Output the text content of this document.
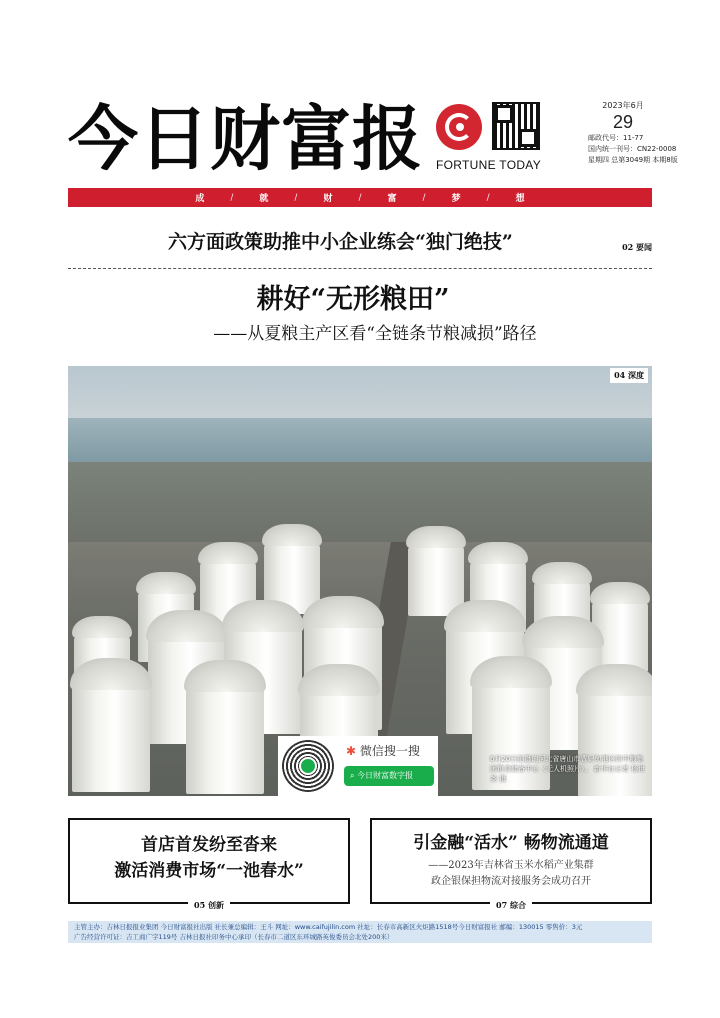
今日财富报 FORTUNE TODAY
2023年6月
29
邮政代号：11-77
国内统一刊号：CN22-0008
星期四 总第3049期 本期8版
成	/	就	/	财	/	富	/	梦	/	想
六方面政策助推中小企业练会“独门绝技”	02 要闻
耕好“无形粮田”
——从夏粮主产区看“全链条节粮减损”路径
04 深度
6月20日拍摄的河北省唐山市曹妃甸港区的中粮集团粮食储备中心（无人机照片）。 新华社记者 杨世尧 摄
✱ 微信搜一搜
⌕ 今日财富数字报
首店首发纷至沓来
激活消费市场“一池春水”
05 创新
引金融“活水” 畅物流通道
——2023年吉林省玉米水稻产业集群
政企银保担物流对接服务会成功召开
07 综合
主管主办：吉林日报报业集团 今日财富报社出版 社长兼总编辑：王斗 网址：www.caifujilin.com 社址：长春市高新区火炬路1518号今日财富报社 邮编：130015 零售价：3元
广告经营许可证：吉工商广字119号 吉林日报社印务中心承印（长春市二道区东环城路英俊委员会北处200米）
